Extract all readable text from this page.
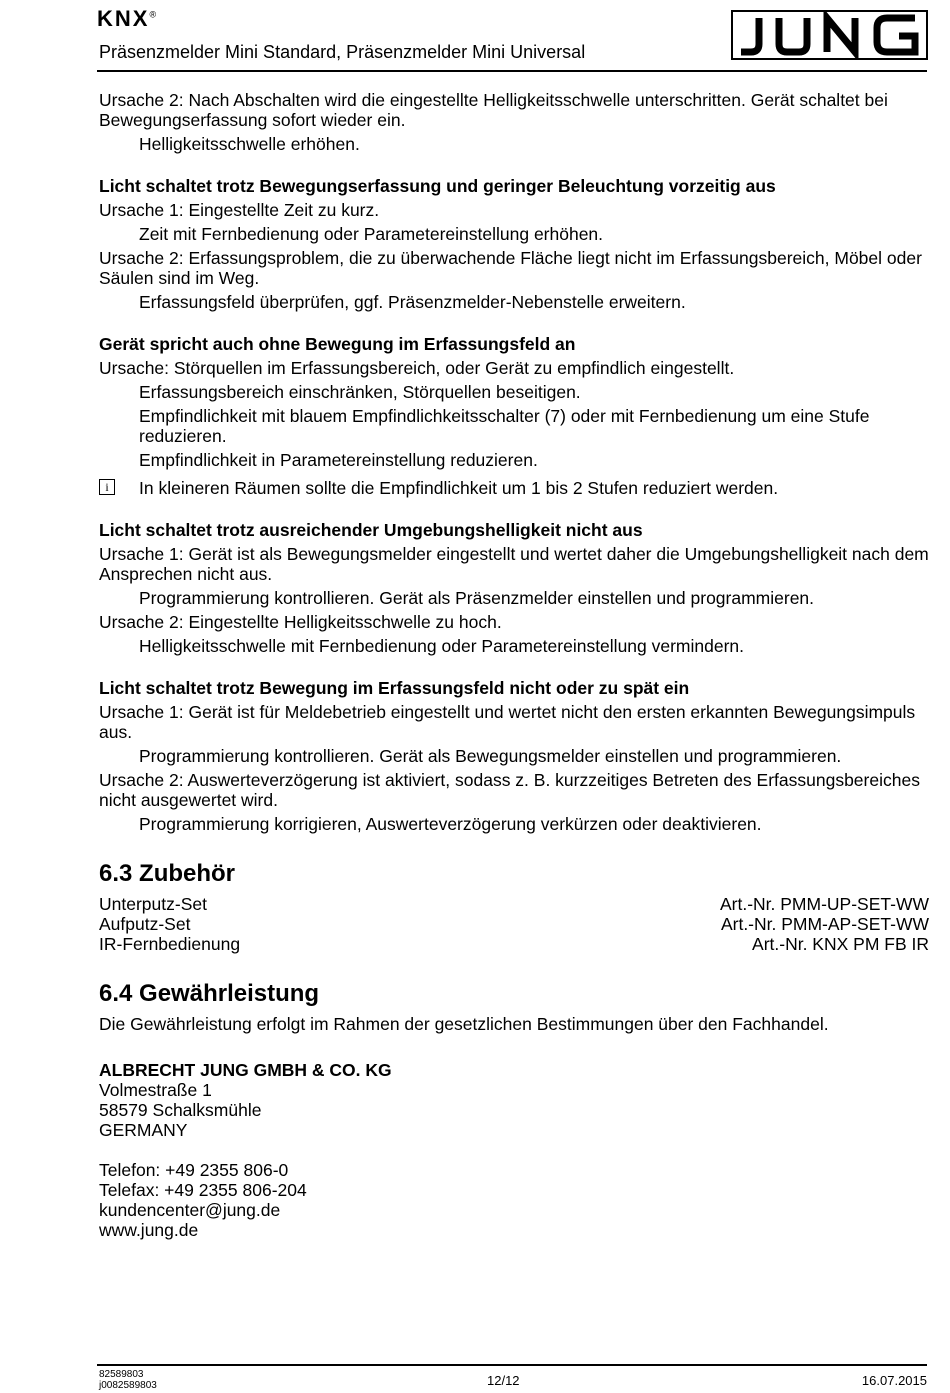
KNX®
Präsenzmelder Mini Standard, Präsenzmelder Mini Universal
Ursache 2: Nach Abschalten wird die eingestellte Helligkeitsschwelle unterschritten. Gerät schaltet bei Bewegungserfassung sofort wieder ein.
Helligkeitsschwelle erhöhen.
Licht schaltet trotz Bewegungserfassung und geringer Beleuchtung vorzeitig aus
Ursache 1: Eingestellte Zeit zu kurz.
Zeit mit Fernbedienung oder Parametereinstellung erhöhen.
Ursache 2: Erfassungsproblem, die zu überwachende Fläche liegt nicht im Erfassungsbereich, Möbel oder Säulen sind im Weg.
Erfassungsfeld überprüfen, ggf. Präsenzmelder-Nebenstelle erweitern.
Gerät spricht auch ohne Bewegung im Erfassungsfeld an
Ursache: Störquellen im Erfassungsbereich, oder Gerät zu empfindlich eingestellt.
Erfassungsbereich einschränken, Störquellen beseitigen.
Empfindlichkeit mit blauem Empfindlichkeitsschalter (7) oder mit Fernbedienung um eine Stufe reduzieren.
Empfindlichkeit in Parametereinstellung reduzieren.
i	In kleineren Räumen sollte die Empfindlichkeit um 1 bis 2 Stufen reduziert werden.
Licht schaltet trotz ausreichender Umgebungshelligkeit nicht aus
Ursache 1: Gerät ist als Bewegungsmelder eingestellt und wertet daher die Umgebungshelligkeit nach dem Ansprechen nicht aus.
Programmierung kontrollieren. Gerät als Präsenzmelder einstellen und programmieren.
Ursache 2: Eingestellte Helligkeitsschwelle zu hoch.
Helligkeitsschwelle mit Fernbedienung oder Parametereinstellung vermindern.
Licht schaltet trotz Bewegung im Erfassungsfeld nicht oder zu spät ein
Ursache 1: Gerät ist für Meldebetrieb eingestellt und wertet nicht den ersten erkannten Bewegungsimpuls aus.
Programmierung kontrollieren. Gerät als Bewegungsmelder einstellen und programmieren.
Ursache 2: Auswerteverzögerung ist aktiviert, sodass z. B. kurzzeitiges Betreten des Erfassungsbereiches nicht ausgewertet wird.
Programmierung korrigieren, Auswerteverzögerung verkürzen oder deaktivieren.
6.3 Zubehör
Unterputz-Set	Art.-Nr. PMM-UP-SET-WW
Aufputz-Set	Art.-Nr. PMM-AP-SET-WW
IR-Fernbedienung	Art.-Nr. KNX PM FB IR
6.4 Gewährleistung
Die Gewährleistung erfolgt im Rahmen der gesetzlichen Bestimmungen über den Fachhandel.
ALBRECHT JUNG GMBH & CO. KG
Volmestraße 1
58579 Schalksmühle
GERMANY
Telefon: +49 2355 806-0
Telefax: +49 2355 806-204
kundencenter@jung.de
www.jung.de
82589803
j0082589803	12/12	16.07.2015
